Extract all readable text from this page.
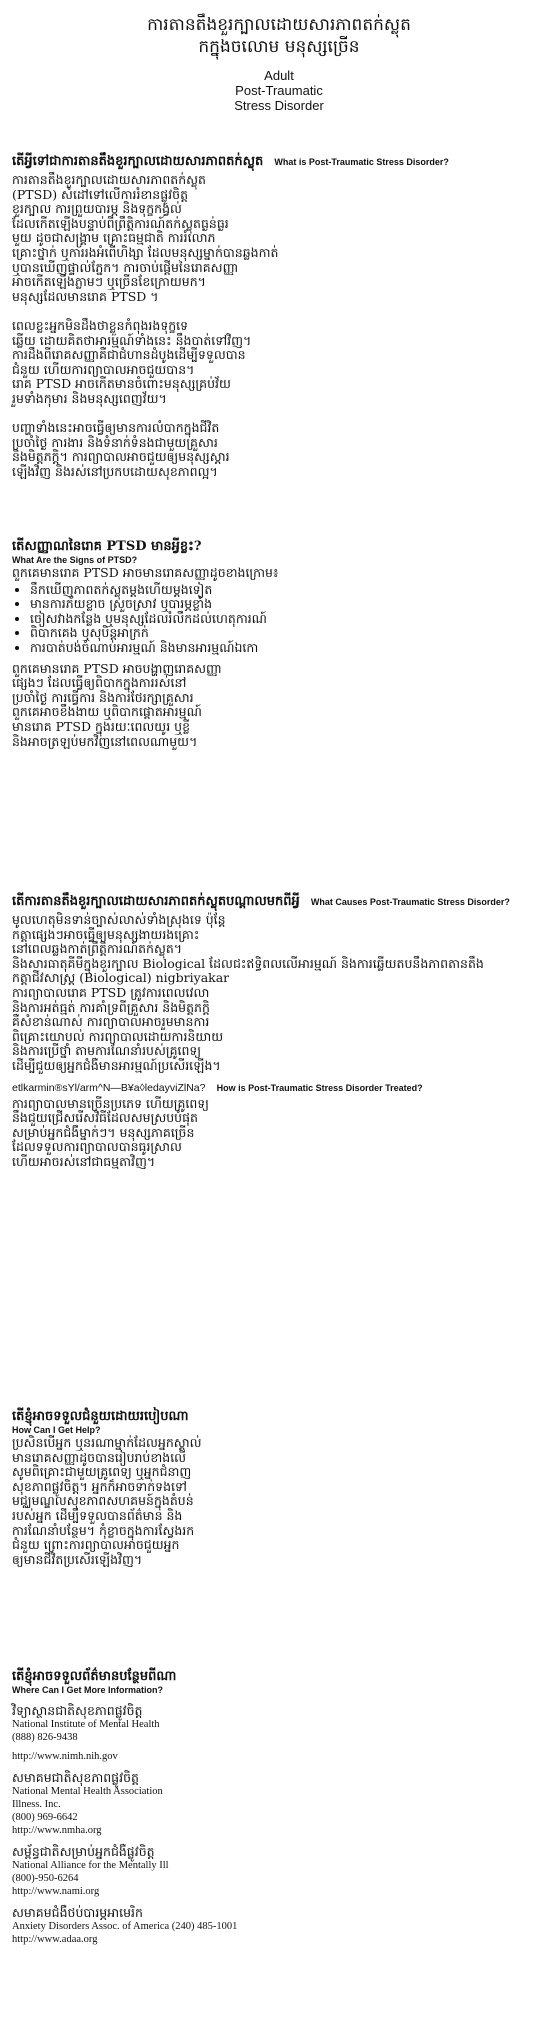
ការតានតឹងខួរក្បាលដោយសារភាពតក់ស្លុត
កក្នុងចលោម មនុស្សច្រើន
Adult
Post-Traumatic
Stress Disorder
តើអ្វីទៅជាការតានតឹងខួរក្បាលដោយសារភាពតក់ស្លុត What is Post-Traumatic Stress Disorder?

ការតានតឹងខួរក្បាលដោយសារភាពតក់ស្លុត
(PTSD) សំដៅទៅលើការរំខានផ្លូវចិត្ត
ខួរក្បាល ការព្រួយបារម្ភ និងទុក្ខកង្វល់
ដែលកើតឡើងបន្ទាប់ពីព្រឹត្តិការណ៍តក់ស្លុតធ្ងន់ធ្ងរ
មួយ ដូចជាសង្គ្រាម គ្រោះធម្មជាតិ ការរំលោភ
គ្រោះថ្នាក់ ឬការរងអំពើហិង្សា ដែលមនុស្សម្នាក់បានឆ្លងកាត់
ឬបានឃើញផ្ទាល់ភ្នែក។ ការចាប់ផ្តើមនៃរោគសញ្ញា
អាចកើតឡើងភ្លាមៗ ឬច្រើនខែក្រោយមក។
មនុស្សដែលមានរោគ PTSD ។

ពេលខ្លះអ្នកមិនដឹងថាខ្លួនកំពុងរងទុក្ខទេ
ឆ្លើយ ដោយគិតថាអារម្មណ៍ទាំងនេះ នឹងបាត់ទៅវិញ។
ការដឹងពីរោគសញ្ញាគឺជាជំហានដំបូងដើម្បីទទួលបាន
ជំនួយ ហើយការព្យាបាលអាចជួយបាន។
រោគ PTSD អាចកើតមានចំពោះមនុស្សគ្រប់វ័យ
រួមទាំងកុមារ និងមនុស្សពេញវ័យ។

បញ្ហាទាំងនេះអាចធ្វើឲ្យមានការលំបាកក្នុងជីវិត
ប្រចាំថ្ងៃ ការងារ និងទំនាក់ទំនងជាមួយគ្រួសារ
និងមិត្តភក្តិ។ ការព្យាបាលអាចជួយឲ្យមនុស្សស្ដារ
ឡើងវិញ និងរស់នៅប្រកបដោយសុខភាពល្អ។

តើសញ្ញាណនៃរោគ PTSD មានអ្វីខ្លះ?
What Are the Signs of PTSD?

ពួកគេមានរោគ PTSD អាចមានរោគសញ្ញាដូចខាងក្រោម៖

• នឹកឃើញភាពតក់ស្លុតម្ដងហើយម្ដងទៀត
• មានការភ័យខ្លាច ស្រួចស្រាវ ឬបារម្ភខ្លាំង
• ចៀសវាងកន្លែង ឬមនុស្សដែលរំលឹកដល់ហេតុការណ៍
• ពិបាកគេង ឬសុបិន្តអាក្រក់
• ការបាត់បង់ចំណាប់អារម្មណ៍ និងមានអារម្មណ៍ឯកោ

ពួកគេមានរោគ PTSD អាចបង្ហាញរោគសញ្ញា
ផ្សេងៗ ដែលធ្វើឲ្យពិបាកក្នុងការរស់នៅ
ប្រចាំថ្ងៃ ការធ្វើការ និងការថែរក្សាគ្រួសារ
ពួកគេអាចខឹងងាយ ឬពិបាកផ្ដោតអារម្មណ៍
មានរោគ PTSD ក្នុងរយៈពេលយូរ ឬខ្លី
និងអាចត្រឡប់មកវិញនៅពេលណាមួយ។

តើការតានតឹងខួរក្បាលដោយសារភាពតក់ស្លុតបណ្តាលមកពីអ្វី What Causes Post-Traumatic Stress Disorder?

មូលហេតុមិនទាន់ច្បាស់លាស់ទាំងស្រុងទេ ប៉ុន្តែ
កត្តាផ្សេងៗអាចធ្វើឲ្យមនុស្សងាយរងគ្រោះ
នៅពេលឆ្លងកាត់ព្រឹត្តិការណ៍តក់ស្លុត។

និងសារធាតុគីមីក្នុងខួរក្បាល Biological ដែលជះឥទ្ធិពលលើអារម្មណ៍ និងការឆ្លើយតបនឹងភាពតានតឹង

កត្តាជីវសាស្ត្រ (Biological) nigbriyakar

ការព្យាបាលរោគ PTSD ត្រូវការពេលវេលា
និងការអត់ធ្មត់ ការគាំទ្រពីគ្រួសារ និងមិត្តភក្តិ
គឺសំខាន់ណាស់ ការព្យាបាលអាចរួមមានការ
ពិគ្រោះយោបល់ ការព្យាបាលដោយការនិយាយ
និងការប្រើថ្នាំ តាមការណែនាំរបស់គ្រូពេទ្យ
ដើម្បីជួយឲ្យអ្នកជំងឺមានអារម្មណ៍ប្រសើរឡើង។

etlkarmin®sYl/arm^N—B¥a◊ledayviZlNa? How is Post-Traumatic Stress Disorder Treated?

ការព្យាបាលមានច្រើនប្រភេទ ហើយគ្រូពេទ្យ
នឹងជួយជ្រើសរើសវិធីដែលសមស្របបំផុត
សម្រាប់អ្នកជំងឺម្នាក់ៗ។ មនុស្សភាគច្រើន
ដែលទទួលការព្យាបាលបានធូរស្រាល
ហើយអាចរស់នៅជាធម្មតាវិញ។

តើខ្ញុំអាចទទួលជំនួយដោយរបៀបណា
How Can I Get Help?

ប្រសិនបើអ្នក ឬនរណាម្នាក់ដែលអ្នកស្គាល់
មានរោគសញ្ញាដូចបានរៀបរាប់ខាងលើ
សូមពិគ្រោះជាមួយគ្រូពេទ្យ ឬអ្នកជំនាញ
សុខភាពផ្លូវចិត្ត។ អ្នកក៏អាចទាក់ទងទៅ
មជ្ឈមណ្ឌលសុខភាពសហគមន៍ក្នុងតំបន់
របស់អ្នក ដើម្បីទទួលបានព័ត៌មាន និង
ការណែនាំបន្ថែម។ កុំខ្លាចក្នុងការស្វែងរក
ជំនួយ ព្រោះការព្យាបាលអាចជួយអ្នក
ឲ្យមានជីវិតប្រសើរឡើងវិញ។

តើខ្ញុំអាចទទួលព័ត៌មានបន្ថែមពីណា
Where Can I Get More Information?
វិទ្យាស្ថានជាតិសុខភាពផ្លូវចិត្ត
National Institute of Mental Health
(888) 826-9438
http://www.nimh.nih.gov
សមាគមជាតិសុខភាពផ្លូវចិត្ត
National Mental Health Association
Illness. Inc.
(800) 969-6642
http://www.nmha.org
សម្ព័ន្ធជាតិសម្រាប់អ្នកជំងឺផ្លូវចិត្ត
National Alliance for the Mentally Ill
(800)-950-6264
http://www.nami.org
សមាគមជំងឺថប់បារម្ភអាមេរិក
Anxiety Disorders Assoc. of America (240) 485-1001
http://www.adaa.org
